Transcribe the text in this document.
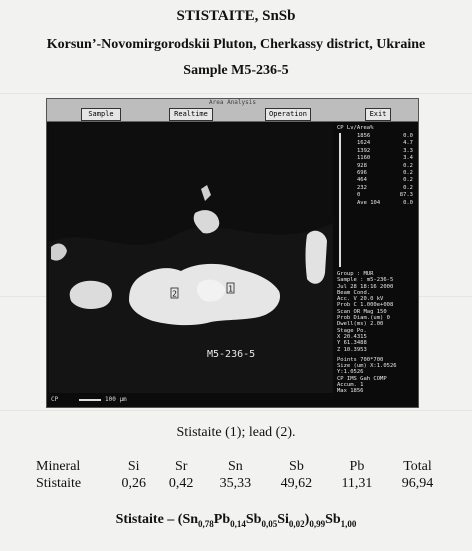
STISTAITE, SnSb
Korsun’-Novomirgorodskii Pluton, Cherkassy district, Ukraine
Sample M5-236-5
Area Analysis
Sample	Realtime	Operation	Exit
2
1
M5-236-5
CP	100 µm
CP Lv/Area%
1856	0.0
1624	4.7
1392	3.3
1160	3.4
928	0.2
696	0.2
464	0.2
232	0.2
0	87.3
Ave 104	0.0
Group : MUR
Sample : m5-236-5
Jul 28 18:16 2000
Beam Cond.
Acc. V 20.0 kV
Prob C 1.000e+008
Scan OR Mag 150
Prob Diam.(um) 0
Dwell(ms) 2.00
Stage Po.
X 20.4315
Y 61.3488
Z 10.3953
Points 700*700
Size (um) X:1.0526
Y:1.0526
CP IMS Gah COMP
Accum. 1
Max 1856
Stistaite (1); lead (2).
Mineral	Si	Sr	Sn	Sb	Pb	Total
Stistaite	0,26	0,42	35,33	49,62	11,31	96,94
Stistaite – $(Sn_{0,78}Pb_{0,14}Sb_{0,05}Si_{0,02})_{0,99}Sb_{1,00}$
